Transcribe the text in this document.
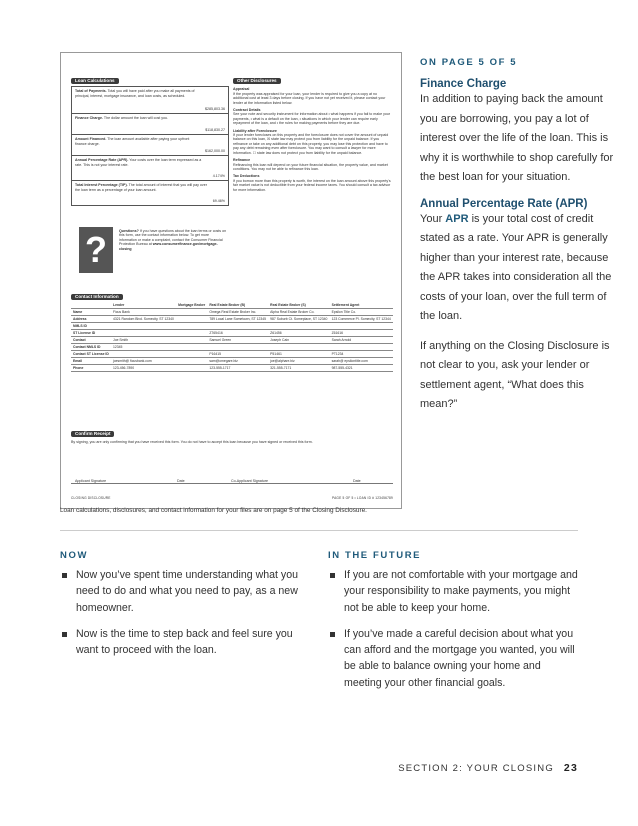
Loan Calculations
Total of Payments. Total you will have paid after you make all payments of principal, interest, mortgage insurance, and loan costs, as scheduled.
$285,803.36
Finance Charge. The dollar amount the loan will cost you.
$118,830.27
Amount Financed. The loan amount available after paying your upfront finance charge.
$162,000.00
Annual Percentage Rate (APR). Your costs over the loan term expressed as a rate. This is not your interest rate.
4.174%
Total Interest Percentage (TIP). The total amount of interest that you will pay over the loan term as a percentage of your loan amount.
69.46%
?	Questions? If you have questions about the loan terms or costs on this form, use the contact information below. To get more information or make a complaint, contact the Consumer Financial Protection Bureau at www.consumerfinance.gov/mortgage-closing
Other Disclosures
Appraisal
If the property was appraised for your loan, your lender is required to give you a copy at no additional cost at least 3 days before closing. If you have not yet received it, please contact your lender at the information listed below.
Contract Details
See your note and security instrument for information about • what happens if you fail to make your payments, • what is a default on the loan, • situations in which your lender can require early repayment of the loan, and • the rules for making payments before they are due.
Liability after Foreclosure
If your lender forecloses on this property and the foreclosure does not cover the amount of unpaid balance on this loan, ☒ state law may protect you from liability for the unpaid balance. If you refinance or take on any additional debt on this property, you may lose this protection and have to pay any debt remaining even after foreclosure. You may want to consult a lawyer for more information. ☐ state law does not protect you from liability for the unpaid balance.
Refinance
Refinancing this loan will depend on your future financial situation, the property value, and market conditions. You may not be able to refinance this loan.
Tax Deductions
If you borrow more than this property is worth, the interest on the loan amount above this property's fair market value is not deductible from your federal income taxes. You should consult a tax advisor for more information.
Contact Information
	Lender	Mortgage Broker	Real Estate Broker (B)	Real Estate Broker (S)	Settlement Agent
Name	Ficus Bank		Omega Real Estate Broker Inc.	Alpha Real Estate Broker Co.	Epsilon Title Co.
Address	4321 Random Blvd. Somecity, ST 12340		789 Local Lane Sometown, ST 12345	987 Suburb Ct. Someplace, ST 12340	123 Commerce Pl. Somecity, ST 12344
NMLS ID					
ST License ID			Z765416	Z61456	Z61616
Contact	Joe Smith		Samuel Green	Joseph Cain	Sarah Arnold
Contact NMLS ID	12345				
Contact ST License ID			P16415	P51461	PT1234
Email	joesmith@ ficusbank.com		sam@omegare.biz	joe@alphare.biz	sarah@ epsilontitle.com
Phone	123-456-7890		123-555-1717	321-555-7171	987-555-4321
Confirm Receipt
By signing, you are only confirming that you have received this form. You do not have to accept this loan because you have signed or received this form.
Applicant Signature	Date	Co-Applicant Signature	Date
CLOSING DISCLOSURE	PAGE 5 OF 5 • LOAN ID # 123456789
Loan calculations, disclosures, and contact information for your files are on page 5 of the Closing Disclosure.
ON PAGE 5 OF 5
Finance Charge
In addition to paying back the amount you are borrowing, you pay a lot of interest over the life of the loan. This is why it is worthwhile to shop carefully for the best loan for your situation.
Annual Percentage Rate (APR)
Your APR is your total cost of credit stated as a rate. Your APR is generally higher than your interest rate, because the APR takes into consideration all the costs of your loan, over the full term of the loan.
If anything on the Closing Disclosure is not clear to you, ask your lender or settlement agent, “What does this mean?”
NOW
Now you’ve spent time understanding what you need to do and what you need to pay, as a new homeowner.
Now is the time to step back and feel sure you want to proceed with the loan.
IN THE FUTURE
If you are not comfortable with your mortgage and your responsibility to make payments, you might not be able to keep your home.
If you’ve made a careful decision about what you can afford and the mortgage you wanted, you will be able to balance owning your home and meeting your other financial goals.
SECTION 2: YOUR CLOSING 23
